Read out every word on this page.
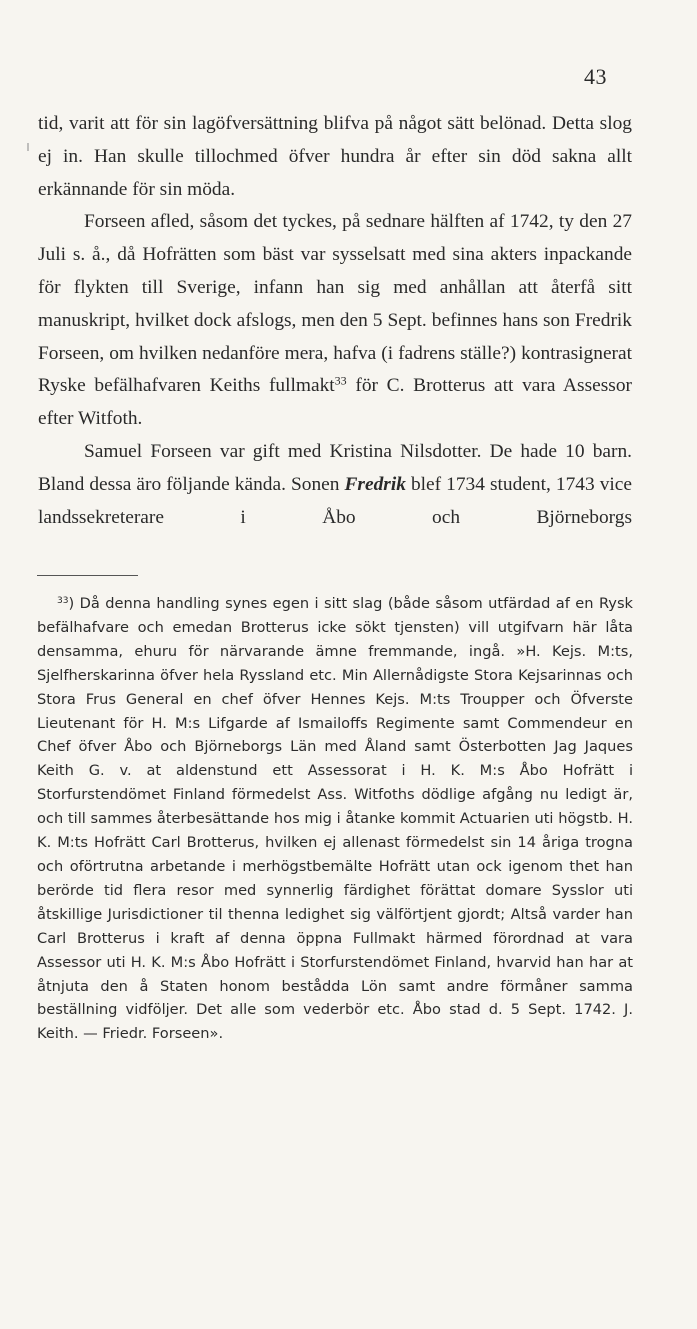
43

tid, varit att för sin lagöfversättning blifva på något sätt belönad. Detta slog ej in. Han skulle tillochmed öfver hundra år efter sin död sakna allt erkännande för sin möda.

Forseen afled, såsom det tyckes, på sednare hälften af 1742, ty den 27 Juli s. å., då Hofrätten som bäst var sysselsatt med sina akters inpackande för flykten till Sverige, infann han sig med anhållan att återfå sitt manuskript, hvilket dock afslogs, men den 5 Sept. befinnes hans son Fredrik Forseen, om hvilken nedanföre mera, hafva (i fadrens ställe?) kontrasignerat Ryske befälhafvaren Keiths fullmakt$^{33}$ för C. Brotterus att vara Assessor efter Witfoth.

Samuel Forseen var gift med Kristina Nilsdotter. De hade 10 barn. Bland dessa äro följande kända. Sonen Fredrik blef 1734 student, 1743 vice landssekreterare i Åbo och Björneborgs

$^{33}$) Då denna handling synes egen i sitt slag (både såsom utfärdad af en Rysk befälhafvare och emedan Brotterus icke sökt tjensten) vill utgifvarn här låta densamma, ehuru för närvarande ämne fremmande, ingå. »H. Kejs. M:ts, Sjelfherskarinna öfver hela Ryssland etc. Min Allernådigste Stora Kejsarinnas och Stora Frus General en chef öfver Hennes Kejs. M:ts Troupper och Öfverste Lieutenant för H. M:s Lifgarde af Ismailoffs Regimente samt Commendeur en Chef öfver Åbo och Björneborgs Län med Åland samt Österbotten Jag Jaques Keith G. v. at aldenstund ett Assessorat i H. K. M:s Åbo Hofrätt i Storfurstendömet Finland förmedelst Ass. Witfoths dödlige afgång nu ledigt är, och till sammes återbesättande hos mig i åtanke kommit Actuarien uti högstb. H. K. M:ts Hofrätt Carl Brotterus, hvilken ej allenast förmedelst sin 14 åriga trogna och oförtrutna arbetande i merhögstbemälte Hofrätt utan ock igenom thet han berörde tid flera resor med synnerlig färdighet förättat domare Sysslor uti åtskillige Jurisdictioner til thenna ledighet sig välförtjent gjordt; Altså varder han Carl Brotterus i kraft af denna öppna Fullmakt härmed förordnad at vara Assessor uti H. K. M:s Åbo Hofrätt i Storfurstendömet Finland, hvarvid han har at åtnjuta den å Staten honom bestådda Lön samt andre förmåner samma beställning vidföljer. Det alle som vederbör etc. Åbo stad d. 5 Sept. 1742. J. Keith. — Friedr. Forseen».
